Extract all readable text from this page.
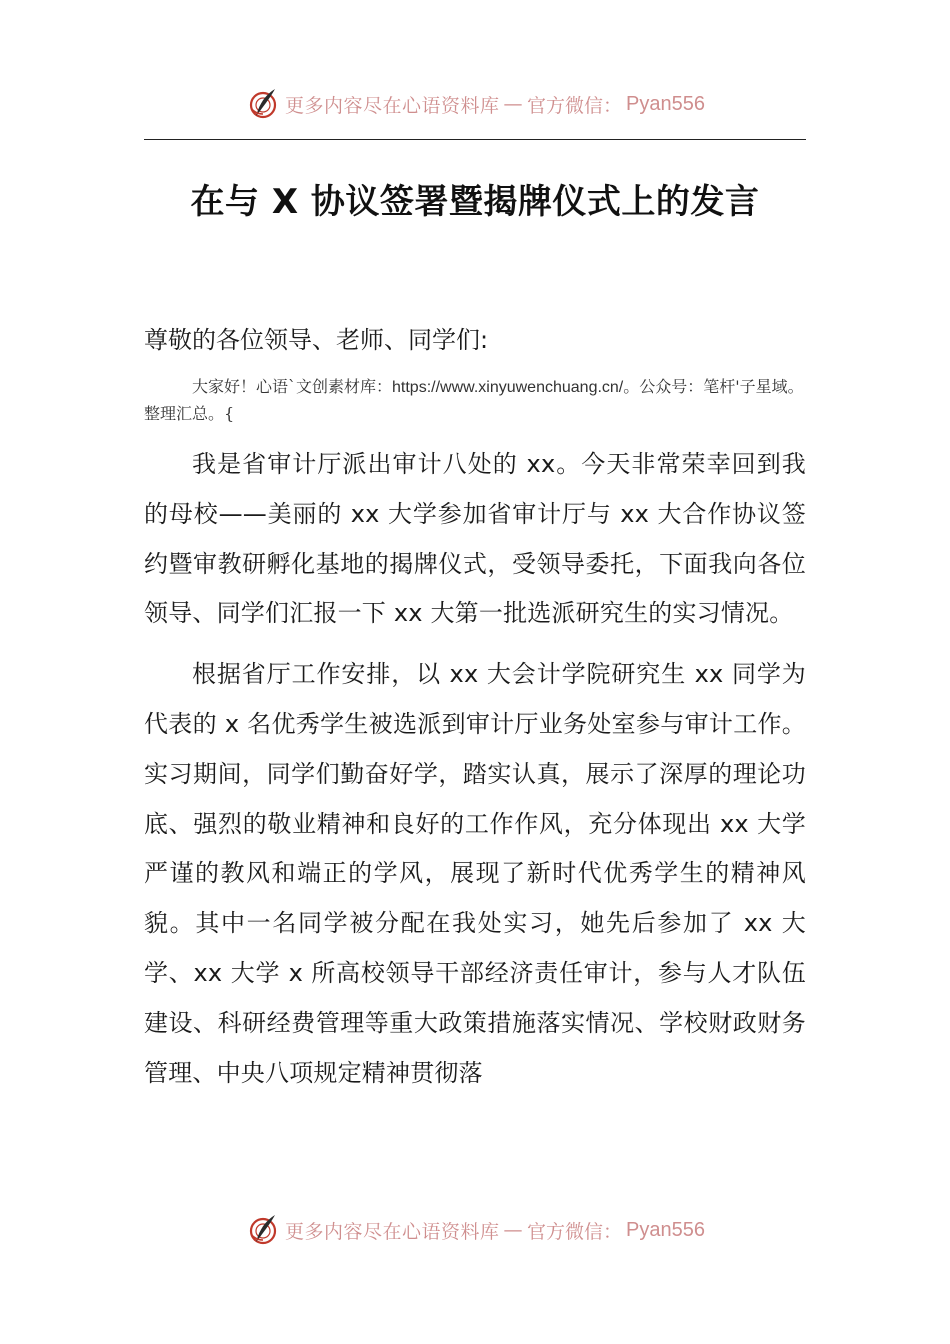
更多内容尽在心语资料库 — 官方微信： Pyan556
在与 X 协议签署暨揭牌仪式上的发言
尊敬的各位领导、老师、同学们:
大家好！心语`文创素材库：https://www.xinyuwenchuang.cn/。公众号：笔杆'子星域。整理汇总。{

我是省审计厅派出审计八处的 xx。今天非常荣幸回到我的母校——美丽的 xx 大学参加省审计厅与 xx 大合作协议签约暨审教研孵化基地的揭牌仪式，受领导委托，下面我向各位领导、同学们汇报一下 xx 大第一批选派研究生的实习情况。

根据省厅工作安排，以 xx 大会计学院研究生 xx 同学为代表的 x 名优秀学生被选派到审计厅业务处室参与审计工作。实习期间，同学们勤奋好学，踏实认真，展示了深厚的理论功底、强烈的敬业精神和良好的工作作风，充分体现出 xx 大学严谨的教风和端正的学风，展现了新时代优秀学生的精神风貌。其中一名同学被分配在我处实习，她先后参加了 xx 大学、xx 大学 x 所高校领导干部经济责任审计，参与人才队伍建设、科研经费管理等重大政策措施落实情况、学校财政财务管理、中央八项规定精神贯彻落

更多内容尽在心语资料库 — 官方微信： Pyan556
